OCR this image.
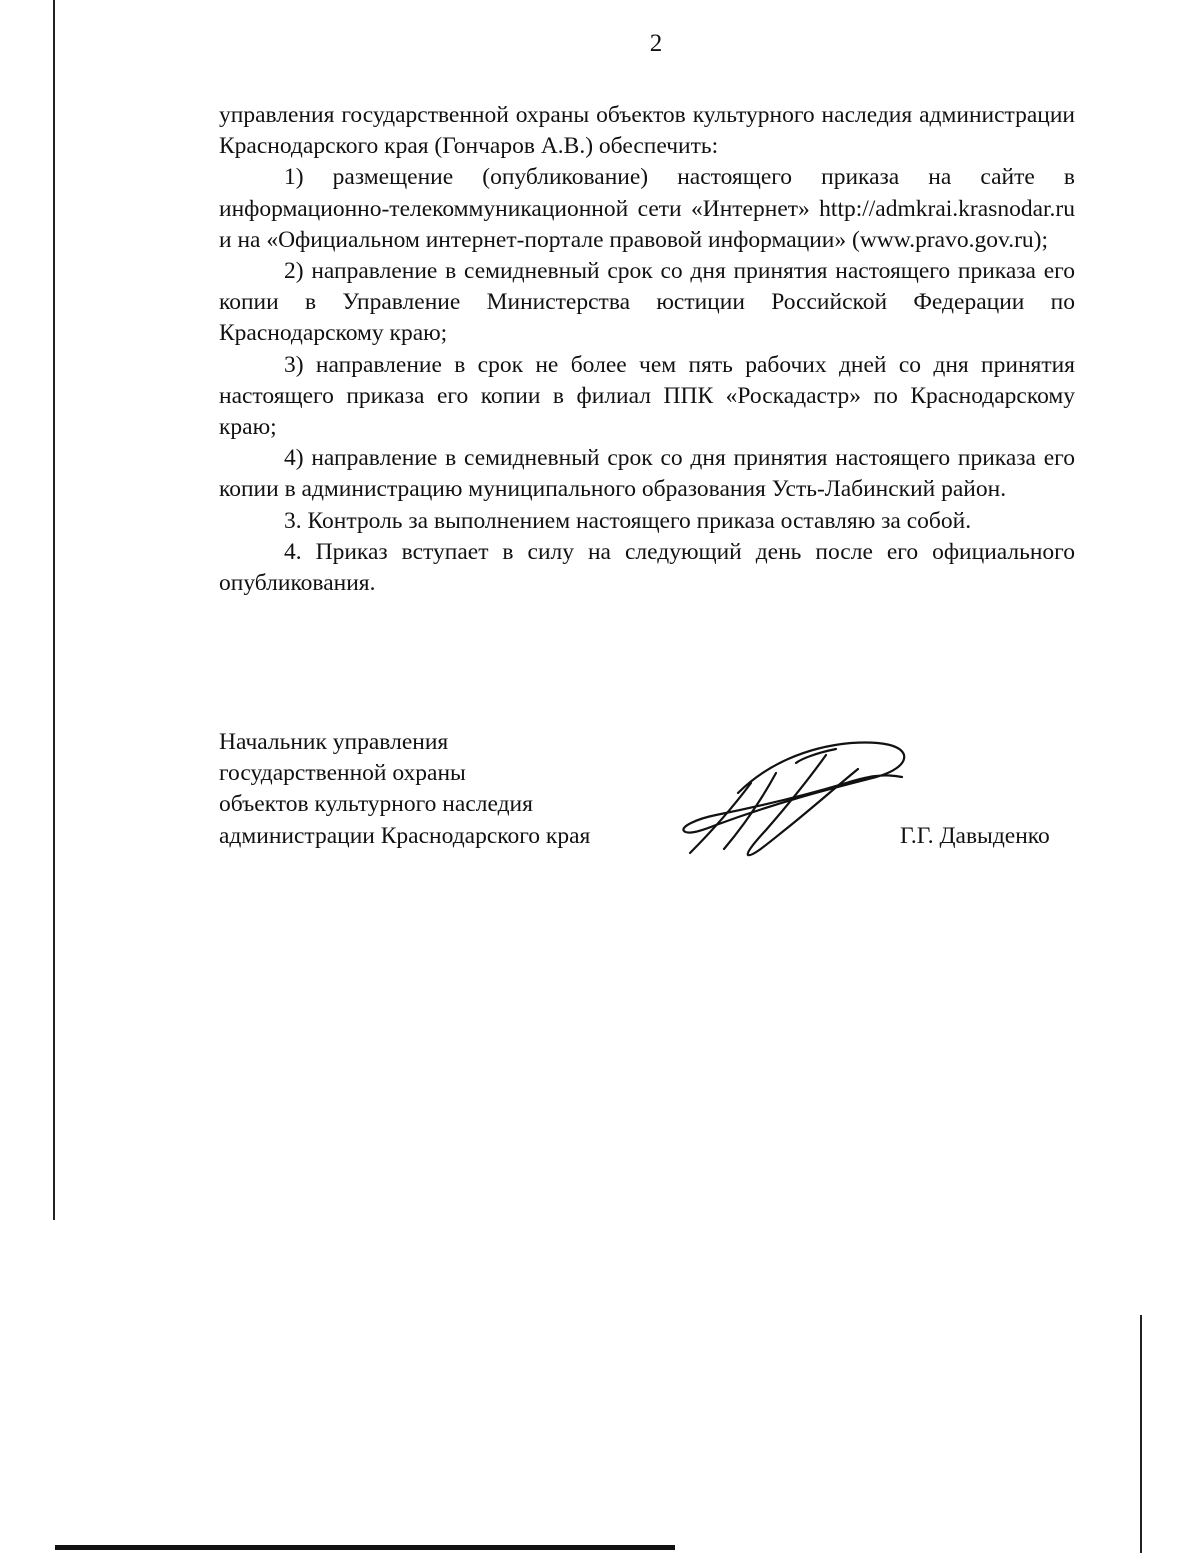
2

управления государственной охраны объектов культурного наследия администрации Краснодарского края (Гончаров А.В.) обеспечить:

1) размещение (опубликование) настоящего приказа на сайте в информационно-телекоммуникационной сети «Интернет» http://admkrai.krasnodar.ru и на «Официальном интернет-портале правовой информации» (www.pravo.gov.ru);

2) направление в семидневный срок со дня принятия настоящего приказа его копии в Управление Министерства юстиции Российской Федерации по Краснодарскому краю;

3) направление в срок не более чем пять рабочих дней со дня принятия настоящего приказа его копии в филиал ППК «Роскадастр» по Краснодарскому краю;

4) направление в семидневный срок со дня принятия настоящего приказа его копии в администрацию муниципального образования Усть-Лабинский район.

3. Контроль за выполнением настоящего приказа оставляю за собой.

4. Приказ вступает в силу на следующий день после его официального опубликования.

Начальник управления
государственной охраны
объектов культурного наследия
администрации Краснодарского края	Г.Г. Давыденко
